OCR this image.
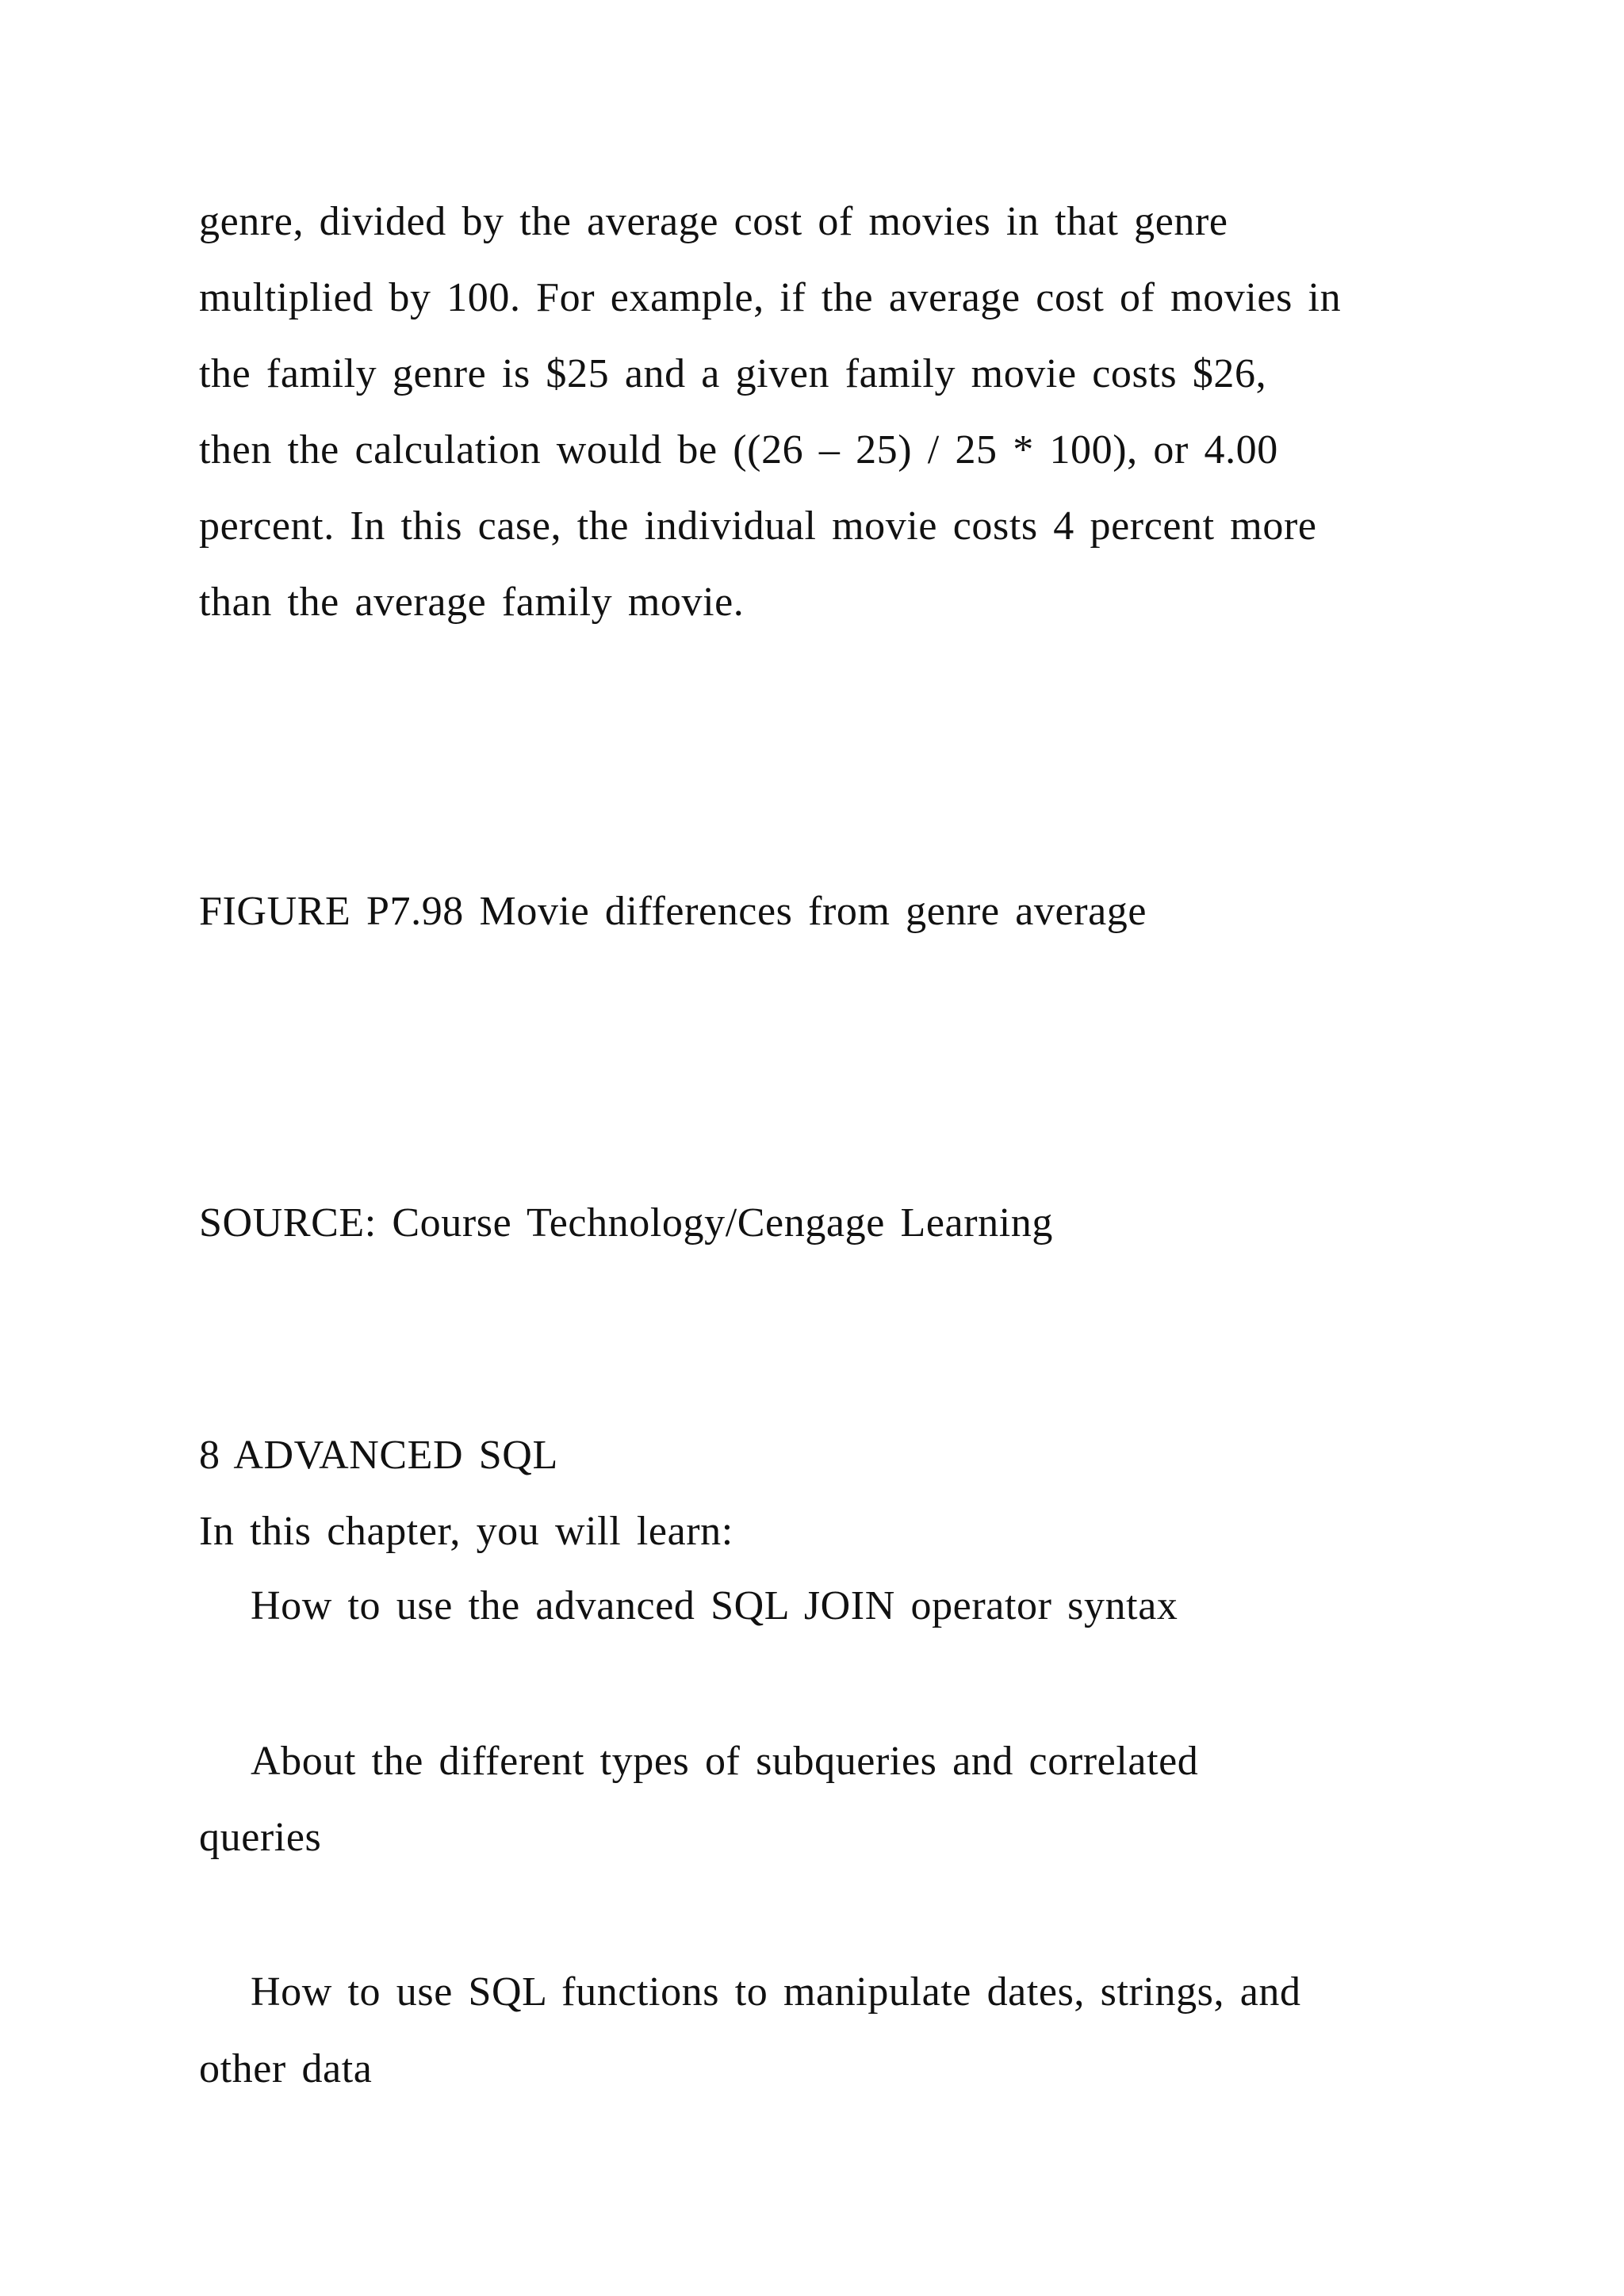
genre, divided by the average cost of movies in that genre
multiplied by 100. For example, if the average cost of movies in
the family genre is $25 and a given family movie costs $26,
then the calculation would be ((26 – 25) / 25 * 100), or 4.00
percent. In this case, the individual movie costs 4 percent more
than the average family movie.
FIGURE P7.98 Movie differences from genre average
SOURCE: Course Technology/Cengage Learning
8 ADVANCED SQL
In this chapter, you will learn:
How to use the advanced SQL JOIN operator syntax
About the different types of subqueries and correlated
queries
How to use SQL functions to manipulate dates, strings, and
other data
